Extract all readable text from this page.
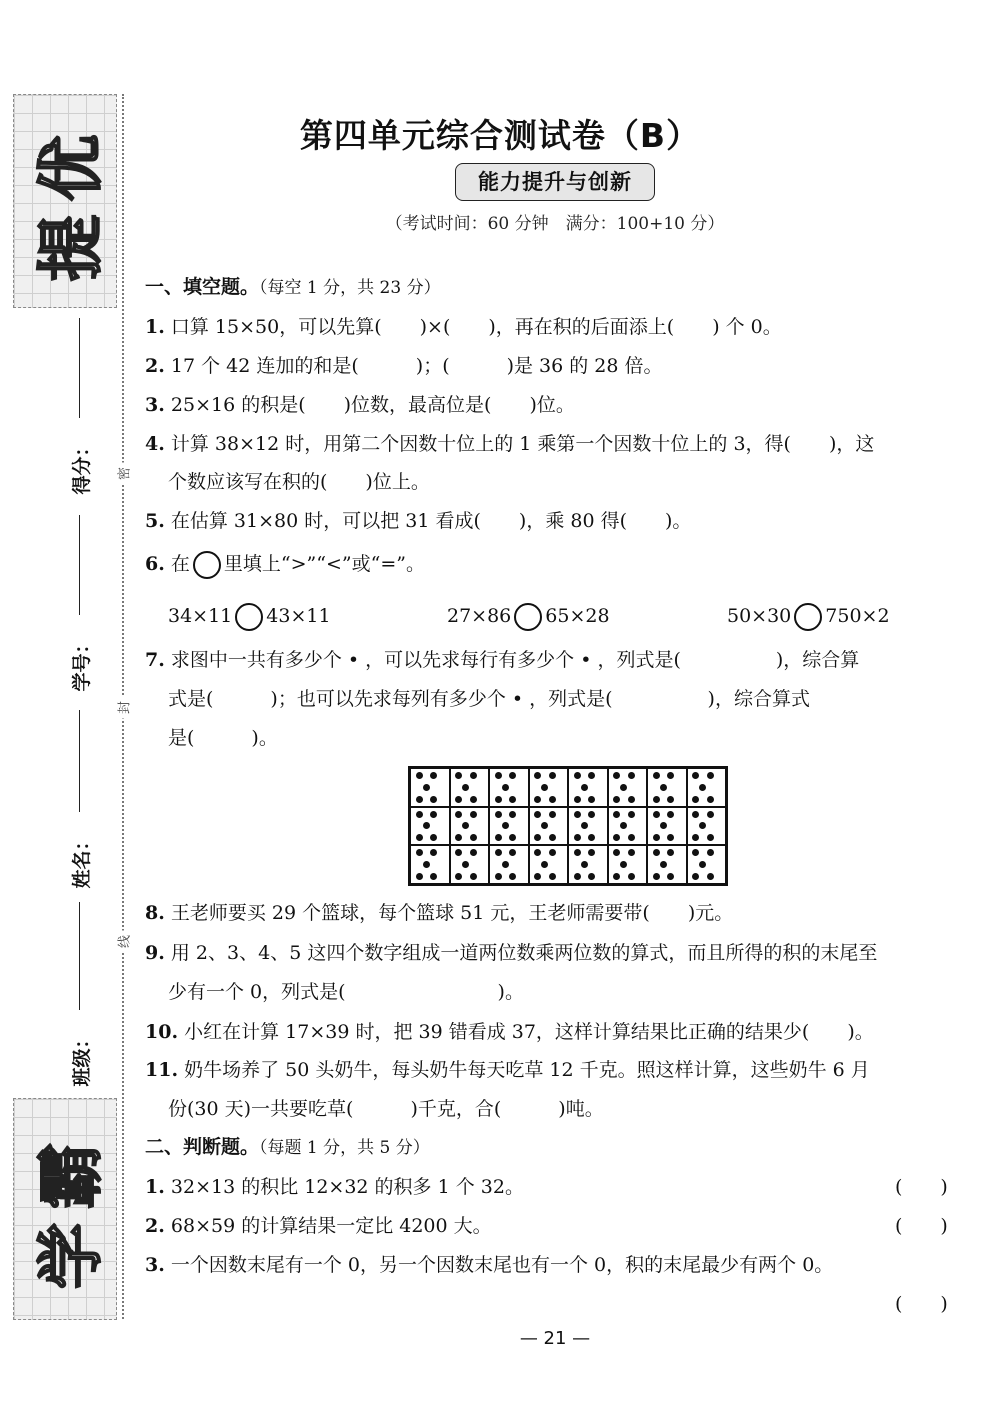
提优
学霸
得分：
学号：
姓名：
班级：
密
封
线
第四单元综合测试卷（B）
能力提升与创新
（考试时间：60 分钟　满分：100+10 分）
一、填空题。（每空 1 分，共 23 分）
1. 口算 15×50，可以先算(　　)×(　　)，再在积的后面添上(　　) 个 0。
2. 17 个 42 连加的和是(　　　)；(　　　)是 36 的 28 倍。
3. 25×16 的积是(　　)位数，最高位是(　　)位。
4. 计算 38×12 时，用第二个因数十位上的 1 乘第一个因数十位上的 3，得(　　)，这
个数应该写在积的(　　)位上。
5. 在估算 31×80 时，可以把 31 看成(　　)，乘 80 得(　　)。
6. 在 里填上“>”“<”或“=”。
34×11 43×11	27×86 65×28	50×30 750×2
7. 求图中一共有多少个 • ，可以先求每行有多少个 • ，列式是(　　　　　)，综合算
式是(　　　)；也可以先求每列有多少个 • ，列式是(　　　　　)，综合算式
是(　　　)。
8. 王老师要买 29 个篮球，每个篮球 51 元，王老师需要带(　　)元。
9. 用 2、3、4、5 这四个数字组成一道两位数乘两位数的算式，而且所得的积的末尾至
少有一个 0，列式是(　　　　　　　　)。
10. 小红在计算 17×39 时，把 39 错看成 37，这样计算结果比正确的结果少(　　)。
11. 奶牛场养了 50 头奶牛，每头奶牛每天吃草 12 千克。照这样计算，这些奶牛 6 月
份(30 天)一共要吃草(　　　)千克，合(　　　)吨。
二、判断题。（每题 1 分，共 5 分）
1. 32×13 的积比 12×32 的积多 1 个 32。	(　　)
2. 68×59 的计算结果一定比 4200 大。	(　　)
3. 一个因数末尾有一个 0，另一个因数末尾也有一个 0，积的末尾最少有两个 0。
(　　)
— 21 —
